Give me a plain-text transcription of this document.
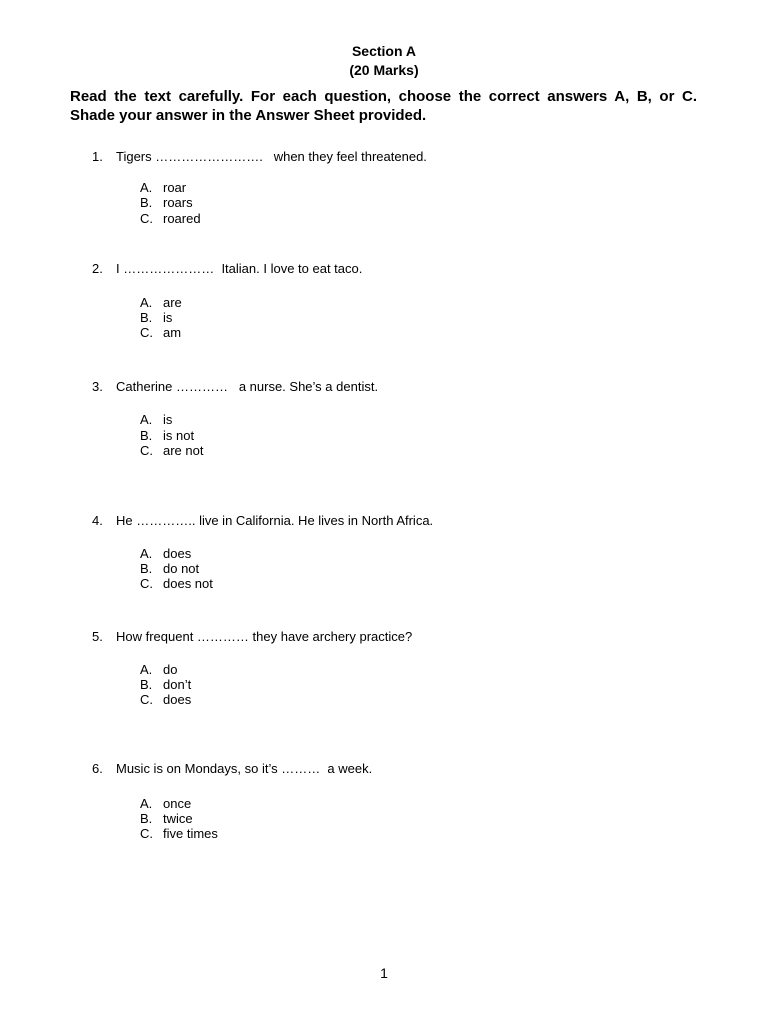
Section A
(20 Marks)
Read the text carefully. For each question, choose the correct answers A, B, or C. Shade your answer in the Answer Sheet provided.
1. Tigers …………………….   when they feel threatened.
A. roar
B. roars
C. roared
2. I …………………  Italian. I love to eat taco.
A. are
B. is
C. am
3. Catherine …………   a nurse. She’s a dentist.
A. is
B. is not
C. are not
4. He ………….. live in California. He lives in North Africa.
A. does
B. do not
C. does not
5. How frequent ………… they have archery practice?
A. do
B. don’t
C. does
6. Music is on Mondays, so it’s ………  a week.
A. once
B. twice
C. five times
1
